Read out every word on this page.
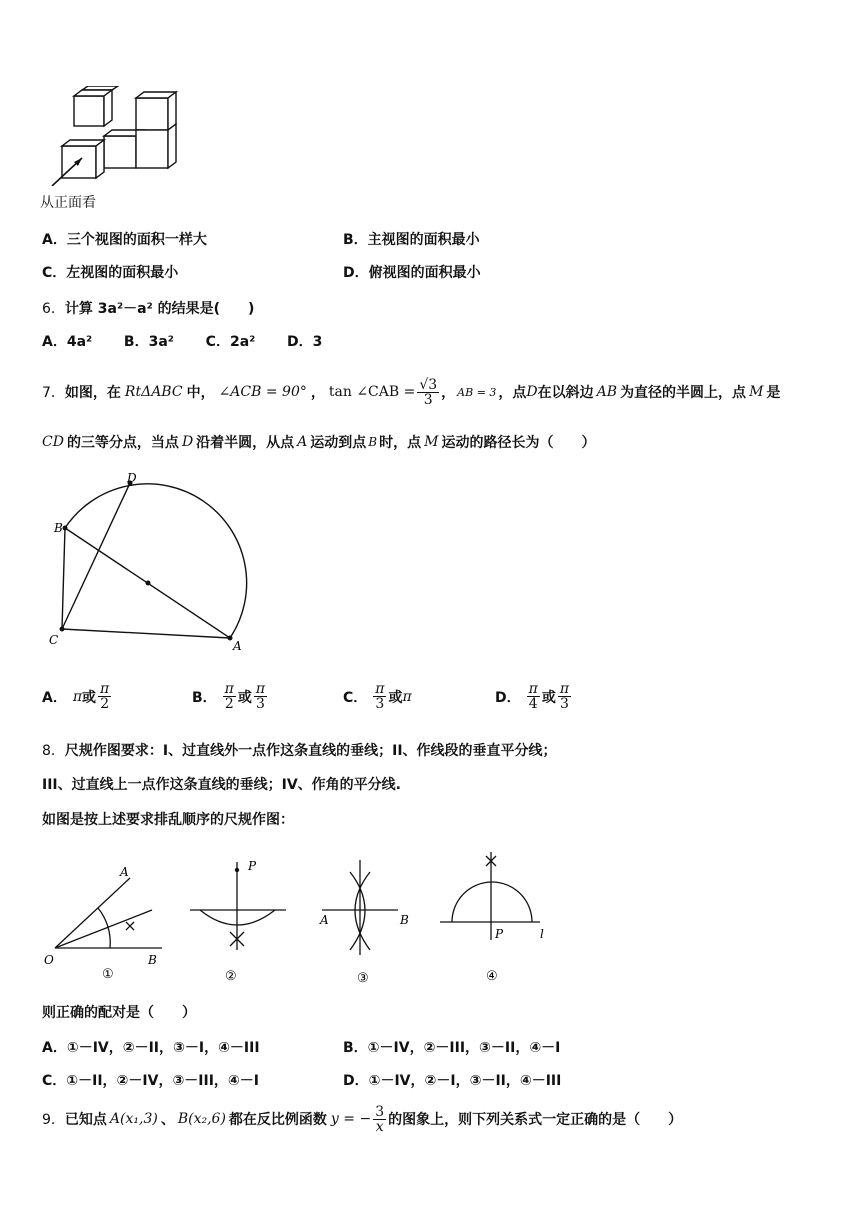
从正面看
A．三个视图的面积一样大	B．主视图的面积最小
C．左视图的面积最小	D．俯视图的面积最小
6．计算 3a²－a² 的结果是(　　)
A．4a² B．3a² C．2a² D．3
7． 如图，在 RtΔABC 中， ∠ACB = 90° ， tan ∠CAB = $\frac{√3}{3}$ ， AB = 3 ，点 D 在以斜边 AB 为直径的半圆上，点 M 是
CD 的三等分点，当点 D 沿着半圆，从点 A 运动到点 B 时，点 M 运动的路径长为（　　）
B
D
C	A
A． π 或 $\frac{\pi}{2}$	B． $\frac{\pi}{2}$ 或 $\frac{\pi}{3}$	C． $\frac{\pi}{3}$ 或 π	D． $\frac{\pi}{4}$ 或 $\frac{\pi}{3}$
8．尺规作图要求：I、过直线外一点作这条直线的垂线；II、作线段的垂直平分线；
III、过直线上一点作这条直线的垂线；IV、作角的平分线.
如图是按上述要求排乱顺序的尺规作图：
A
O	B
①
P
②
A	B
③
P	l
④
则正确的配对是（　　）
A．①－IV，②－II，③－I，④－III	B．①－IV，②－III，③－II，④－I
C．①－II，②－IV，③－III，④－I	D．①－IV，②－I，③－II，④－III
9． 已知点 A(x₁,3) 、 B(x₂,6) 都在反比例函数 y = − $\frac{3}{x}$ 的图象上，则下列关系式一定正确的是（　　）
